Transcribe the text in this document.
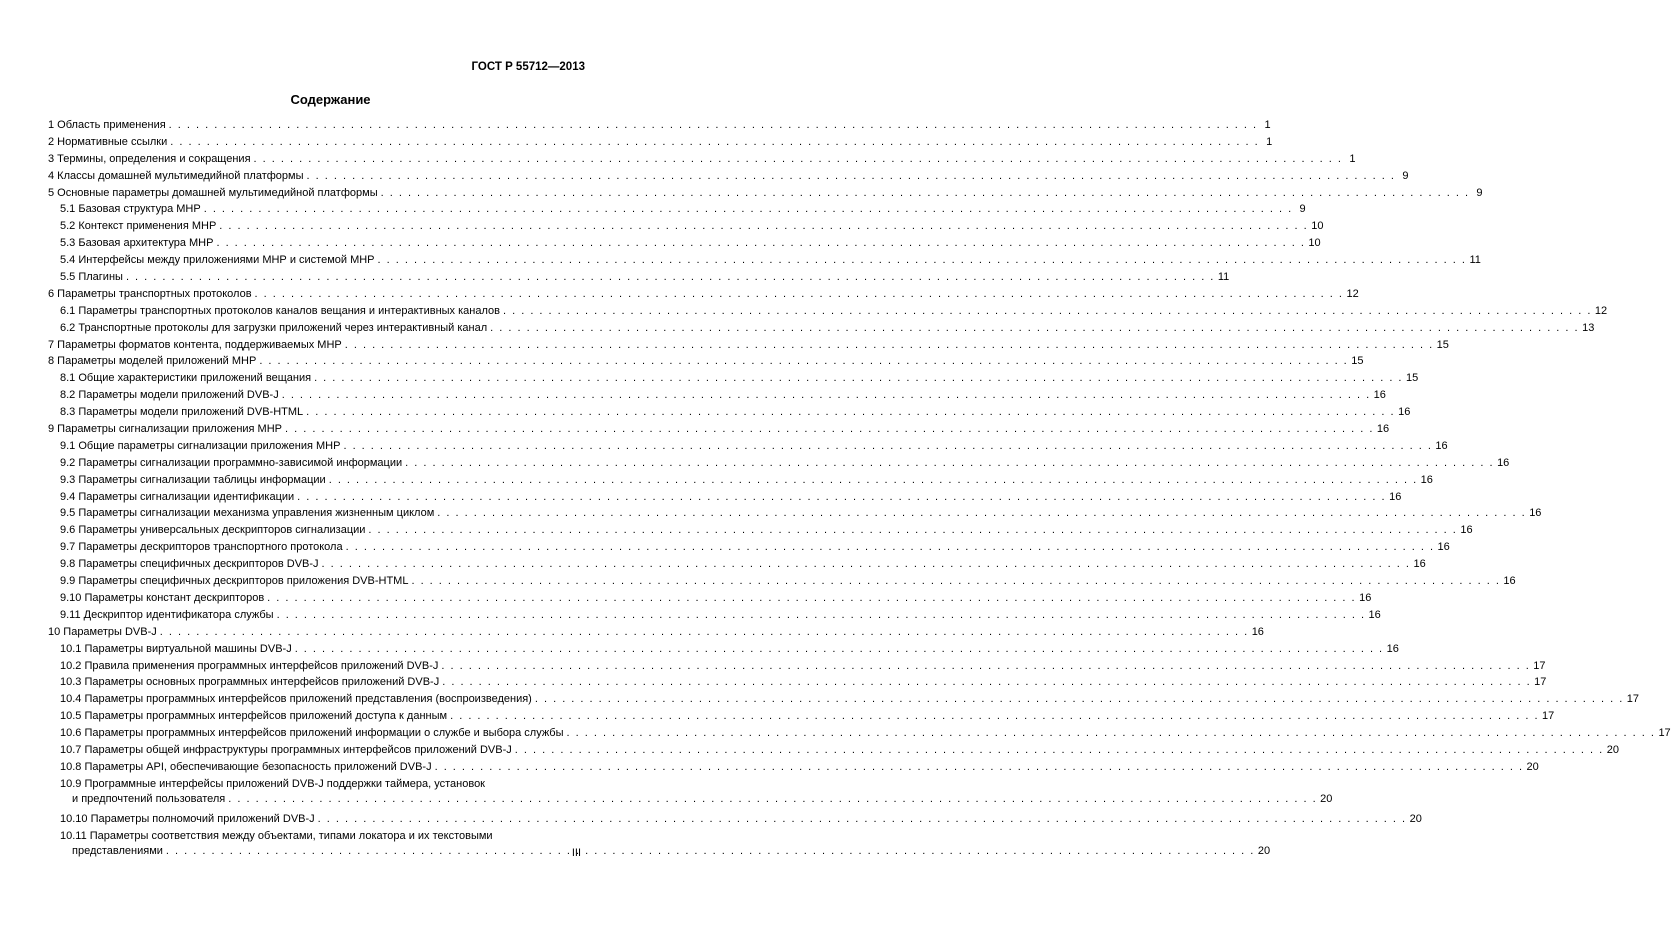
ГОСТ Р 55712—2013
Содержание
1 Область применения . . .	1
2 Нормативные ссылки . . .	1
3 Термины, определения и сокращения . . .	1
4 Классы домашней мультимедийной платформы . . .	9
5 Основные параметры домашней мультимедийной платформы . . .	9
5.1 Базовая структура МНР . . .	9
5.2 Контекст применения МНР . . .	10
5.3 Базовая архитектура МНР . . .	10
5.4 Интерфейсы между приложениями МНР и системой МНР . . .	11
5.5 Плагины . . .	11
6 Параметры транспортных протоколов . . .	12
6.1 Параметры транспортных протоколов каналов вещания и интерактивных каналов . . .	12
6.2 Транспортные протоколы для загрузки приложений через интерактивный канал . . .	13
7 Параметры форматов контента, поддерживаемых МНР . . .	15
8 Параметры моделей приложений МНР . . .	15
8.1 Общие характеристики приложений вещания . . .	15
8.2 Параметры модели приложений DVB-J . . .	16
8.3 Параметры модели приложений DVB-HTML . . .	16
9 Параметры сигнализации приложения МНР . . .	16
9.1 Общие параметры сигнализации приложения МНР . . .	16
9.2 Параметры сигнализации программно-зависимой информации . . .	16
9.3 Параметры сигнализации таблицы информации . . .	16
9.4 Параметры сигнализации идентификации . . .	16
9.5 Параметры сигнализации механизма управления жизненным циклом . . .	16
9.6 Параметры универсальных дескрипторов сигнализации . . .	16
9.7 Параметры дескрипторов транспортного протокола . . .	16
9.8 Параметры специфичных дескрипторов DVB-J . . .	16
9.9 Параметры специфичных дескрипторов приложения DVB-HTML . . .	16
9.10 Параметры констант дескрипторов . . .	16
9.11 Дескриптор идентификатора службы . . .	16
10 Параметры DVB-J . . .	16
10.1 Параметры виртуальной машины DVB-J . . .	16
10.2 Правила применения программных интерфейсов приложений DVB-J . . .	17
10.3 Параметры основных программных интерфейсов приложений DVB-J . . .	17
10.4 Параметры программных интерфейсов приложений представления (воспроизведения) . . .	17
10.5 Параметры программных интерфейсов приложений доступа к данным . . .	17
10.6 Параметры программных интерфейсов приложений информации о службе и выбора службы . . .	17
10.7 Параметры общей инфраструктуры программных интерфейсов приложений DVB-J . . .	20
10.8 Параметры API, обеспечивающие безопасность приложений DVB-J . . .	20
10.9 Программные интерфейсы приложений DVB-J поддержки таймера, установок
и предпочтений пользователя . . .	20
10.10 Параметры полномочий приложений DVB-J . . .	20
10.11 Параметры соответствия между объектами, типами локатора и их текстовыми
представлениями . . .	20
III
